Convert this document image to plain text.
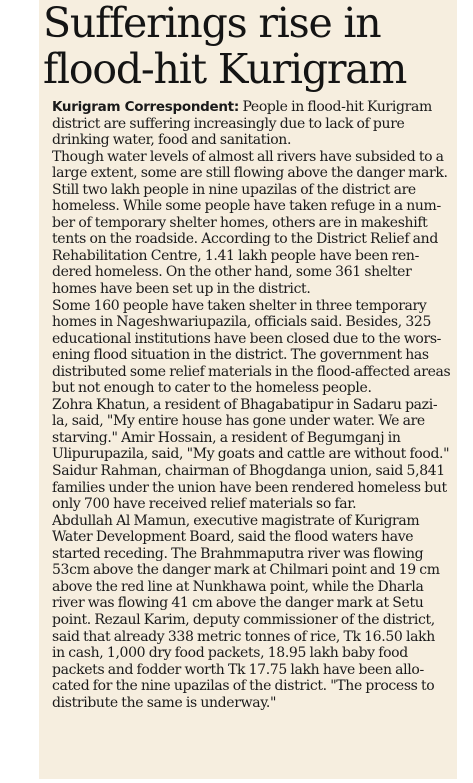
Sufferings rise in
flood-hit Kurigram

Kurigram Correspondent: People in flood-hit Kurigram
district are suffering increasingly due to lack of pure
drinking water, food and sanitation.

Though water levels of almost all rivers have subsided to a
large extent, some are still flowing above the danger mark.
Still two lakh people in nine upazilas of the district are
homeless. While some people have taken refuge in a num-
ber of temporary shelter homes, others are in makeshift
tents on the roadside. According to the District Relief and
Rehabilitation Centre, 1.41 lakh people have been ren-
dered homeless. On the other hand, some 361 shelter
homes have been set up in the district.

Some 160 people have taken shelter in three temporary
homes in Nageshwariupazila, officials said. Besides, 325
educational institutions have been closed due to the wors-
ening flood situation in the district. The government has
distributed some relief materials in the flood-affected areas
but not enough to cater to the homeless people.

Zohra Khatun, a resident of Bhagabatipur in Sadaru pazi-
la, said, "My entire house has gone under water. We are
starving." Amir Hossain, a resident of Begumganj in
Ulipurupazila, said, "My goats and cattle are without food."

Saidur Rahman, chairman of Bhogdanga union, said 5,841
families under the union have been rendered homeless but
only 700 have received relief materials so far.

Abdullah Al Mamun, executive magistrate of Kurigram
Water Development Board, said the flood waters have
started receding. The Brahmmaputra river was flowing
53cm above the danger mark at Chilmari point and 19 cm
above the red line at Nunkhawa point, while the Dharla
river was flowing 41 cm above the danger mark at Setu
point. Rezaul Karim, deputy commissioner of the district,
said that already 338 metric tonnes of rice, Tk 16.50 lakh
in cash, 1,000 dry food packets, 18.95 lakh baby food
packets and fodder worth Tk 17.75 lakh have been allo-
cated for the nine upazilas of the district. "The process to
distribute the same is underway."
